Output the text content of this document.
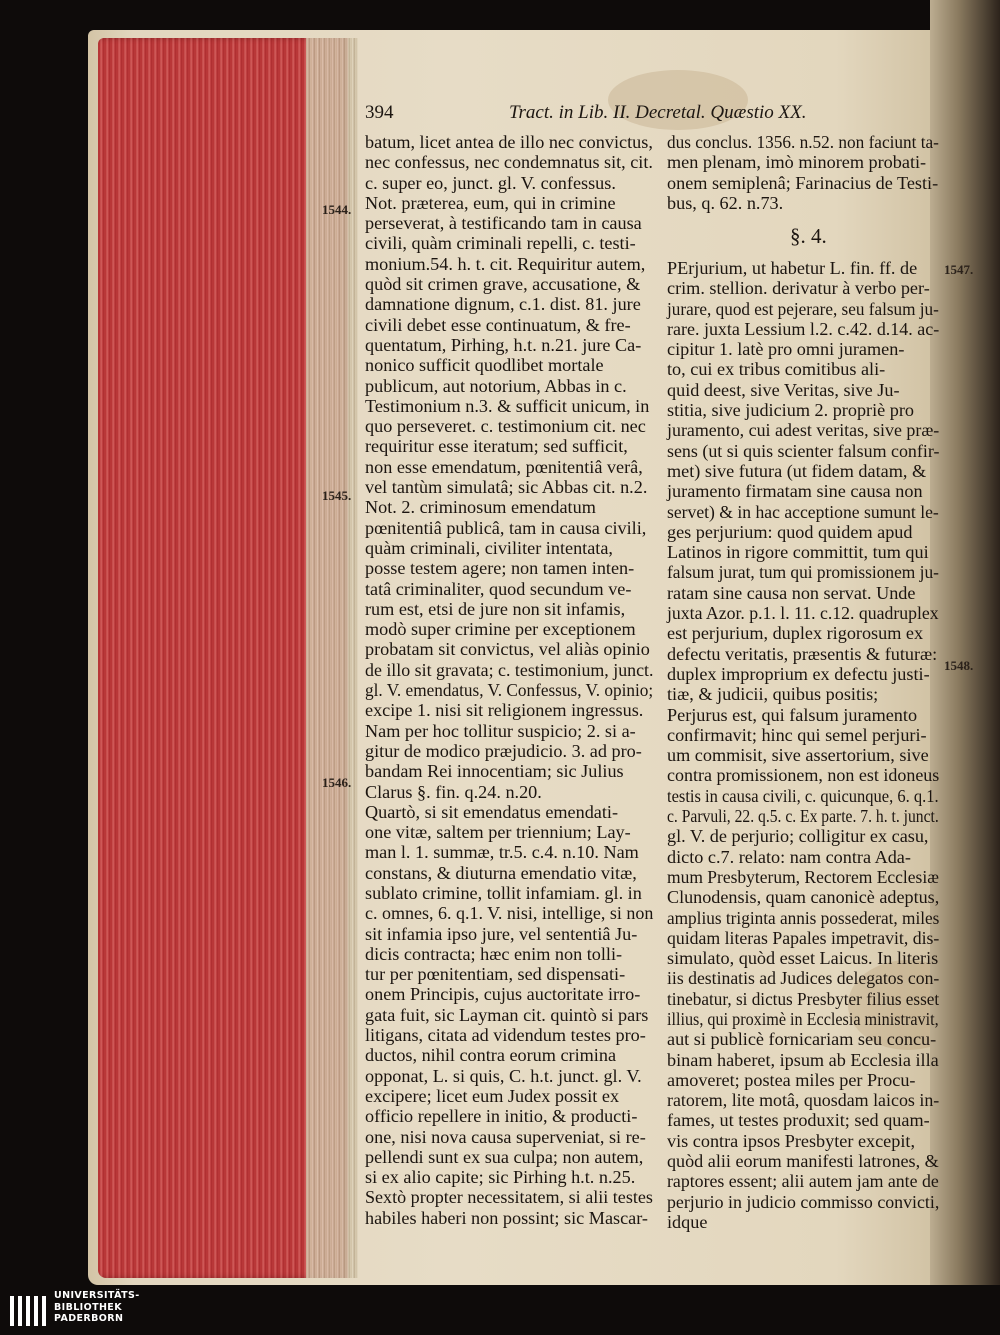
394	Tract. in Lib. II. Decretal. Quæstio XX.
1544.
1545.
1546.
1547.
1548.
batum, licet antea de illo nec convictus,
nec confessus, nec condemnatus sit, cit.
c. super eo, junct. gl. V. confessus.
Not. præterea, eum, qui in crimine
perseverat, à testificando tam in causa
civili, quàm criminali repelli, c. testi-
monium.54. h. t. cit. Requiritur autem,
quòd sit crimen grave, accusatione, &
damnatione dignum, c.1. dist. 81. jure
civili debet esse continuatum, & fre-
quentatum, Pirhing, h.t. n.21. jure Ca-
nonico sufficit quodlibet mortale
publicum, aut notorium, Abbas in c.
Testimonium n.3. & sufficit unicum, in
quo perseveret. c. testimonium cit. nec
requiritur esse iteratum; sed sufficit,
non esse emendatum, pœnitentiâ verâ,
vel tantùm simulatâ; sic Abbas cit. n.2.
Not. 2. criminosum emendatum
pœnitentiâ publicâ, tam in causa civili,
quàm criminali, civiliter intentata,
posse testem agere; non tamen inten-
tatâ criminaliter, quod secundum ve-
rum est, etsi de jure non sit infamis,
modò super crimine per exceptionem
probatam sit convictus, vel aliàs opinio
de illo sit gravata; c. testimonium, junct.
gl. V. emendatus, V. Confessus, V. opinio;
excipe 1. nisi sit religionem ingressus.
Nam per hoc tollitur suspicio; 2. si a-
gitur de modico præjudicio. 3. ad pro-
bandam Rei innocentiam; sic Julius
Clarus §. fin. q.24. n.20.
Quartò, si sit emendatus emendati-
one vitæ, saltem per triennium; Lay-
man l. 1. summæ, tr.5. c.4. n.10. Nam
constans, & diuturna emendatio vitæ,
sublato crimine, tollit infamiam. gl. in
c. omnes, 6. q.1. V. nisi, intellige, si non
sit infamia ipso jure, vel sententiâ Ju-
dicis contracta; hæc enim non tolli-
tur per pœnitentiam, sed dispensati-
onem Principis, cujus auctoritate irro-
gata fuit, sic Layman cit. quintò si pars
litigans, citata ad videndum testes pro-
ductos, nihil contra eorum crimina
opponat, L. si quis, C. h.t. junct. gl. V.
excipere; licet eum Judex possit ex
officio repellere in initio, & producti-
one, nisi nova causa superveniat, si re-
pellendi sunt ex sua culpa; non autem,
si ex alio capite; sic Pirhing h.t. n.25.
Sextò propter necessitatem, si alii testes
habiles haberi non possint; sic Mascar-
dus conclus. 1356. n.52. non faciunt ta-
men plenam, imò minorem probati-
onem semiplenâ; Farinacius de Testi-
bus, q. 62. n.73.
§. 4.
PErjurium, ut habetur L. fin. ff. de
crim. stellion. derivatur à verbo per-
jurare, quod est pejerare, seu falsum ju-
rare. juxta Lessium l.2. c.42. d.14. ac-
cipitur 1. latè pro omni juramen-
to, cui ex tribus comitibus ali-
quid deest, sive Veritas, sive Ju-
stitia, sive judicium 2. propriè pro
juramento, cui adest veritas, sive præ-
sens (ut si quis scienter falsum confir-
met) sive futura (ut fidem datam, &
juramento firmatam sine causa non
servet) & in hac acceptione sumunt le-
ges perjurium: quod quidem apud
Latinos in rigore committit, tum qui
falsum jurat, tum qui promissionem ju-
ratam sine causa non servat. Unde
juxta Azor. p.1. l. 11. c.12. quadruplex
est perjurium, duplex rigorosum ex
defectu veritatis, præsentis & futuræ:
duplex improprium ex defectu justi-
tiæ, & judicii, quibus positis;
Perjurus est, qui falsum juramento
confirmavit; hinc qui semel perjuri-
um commisit, sive assertorium, sive
contra promissionem, non est idoneus
testis in causa civili, c. quicunque, 6. q.1.
c. Parvuli, 22. q.5. c. Ex parte. 7. h. t. junct.
gl. V. de perjurio; colligitur ex casu,
dicto c.7. relato: nam contra Ada-
mum Presbyterum, Rectorem Ecclesiæ
Clunodensis, quam canonicè adeptus,
amplius triginta annis possederat, miles
quidam literas Papales impetravit, dis-
simulato, quòd esset Laicus. In literis
iis destinatis ad Judices delegatos con-
tinebatur, si dictus Presbyter filius esset
illius, qui proximè in Ecclesia ministravit,
aut si publicè fornicariam seu concu-
binam haberet, ipsum ab Ecclesia illa
amoveret; postea miles per Procu-
ratorem, lite motâ, quosdam laicos in-
fames, ut testes produxit; sed quam-
vis contra ipsos Presbyter excepit,
quòd alii eorum manifesti latrones, &
raptores essent; alii autem jam ante de
perjurio in judicio commisso convicti,
idque
UNIVERSITÄTS-
BIBLIOTHEK
PADERBORN
